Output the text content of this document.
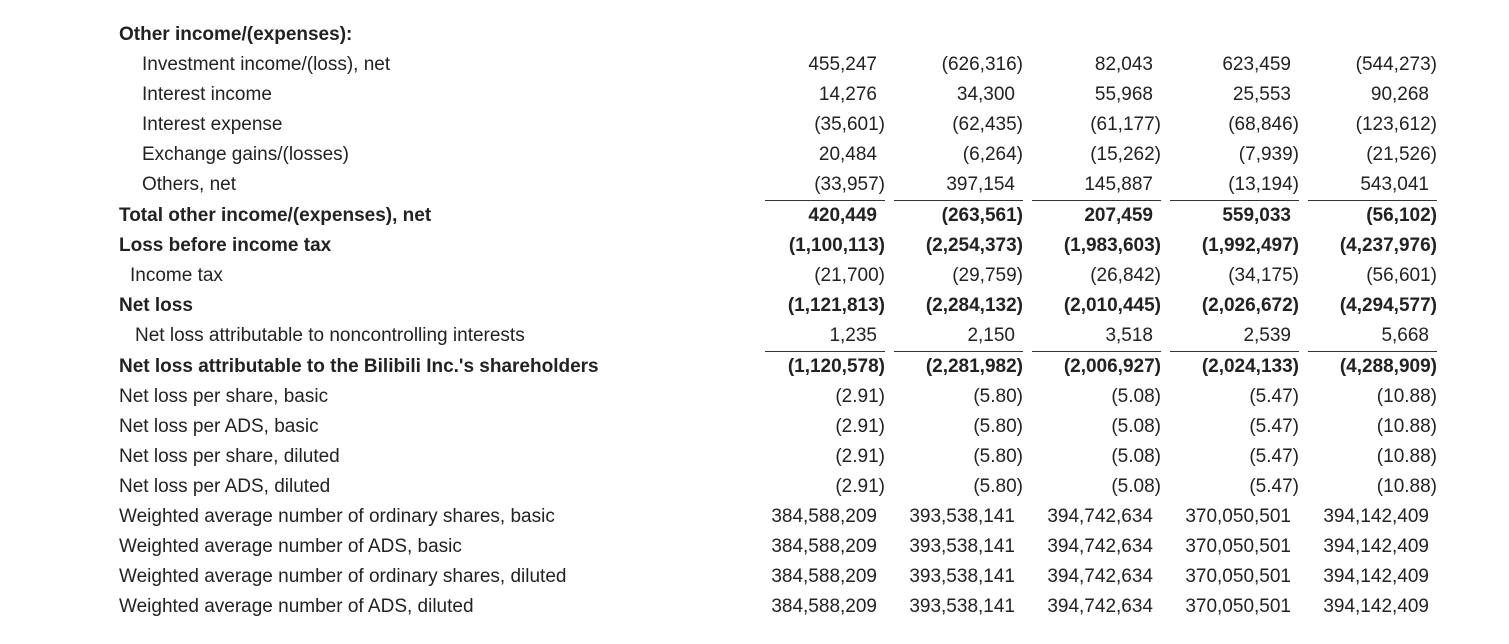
Other income/(expenses):	

Investment income/(loss), net	455,247	(626,316)	82,043	623,459	(544,273)

Interest income	14,276	34,300	55,968	25,553	90,268

Interest expense	(35,601)	(62,435)	(61,177)	(68,846)	(123,612)

Exchange gains/(losses)	20,484	(6,264)	(15,262)	(7,939)	(21,526)

Others, net	(33,957)	397,154	145,887	(13,194)	543,041

Total other income/(expenses), net	420,449	(263,561)	207,459	559,033	(56,102)

Loss before income tax	(1,100,113)	(2,254,373)	(1,983,603)	(1,992,497)	(4,237,976)

Income tax	(21,700)	(29,759)	(26,842)	(34,175)	(56,601)

Net loss	(1,121,813)	(2,284,132)	(2,010,445)	(2,026,672)	(4,294,577)

Net loss attributable to noncontrolling interests	1,235	2,150	3,518	2,539	5,668

Net loss attributable to the Bilibili Inc.'s shareholders	(1,120,578)	(2,281,982)	(2,006,927)	(2,024,133)	(4,288,909)

Net loss per share, basic	(2.91)	(5.80)	(5.08)	(5.47)	(10.88)

Net loss per ADS, basic	(2.91)	(5.80)	(5.08)	(5.47)	(10.88)

Net loss per share, diluted	(2.91)	(5.80)	(5.08)	(5.47)	(10.88)

Net loss per ADS, diluted	(2.91)	(5.80)	(5.08)	(5.47)	(10.88)

Weighted average number of ordinary shares, basic	384,588,209	393,538,141	394,742,634	370,050,501	394,142,409

Weighted average number of ADS, basic	384,588,209	393,538,141	394,742,634	370,050,501	394,142,409

Weighted average number of ordinary shares, diluted	384,588,209	393,538,141	394,742,634	370,050,501	394,142,409

Weighted average number of ADS, diluted	384,588,209	393,538,141	394,742,634	370,050,501	394,142,409
